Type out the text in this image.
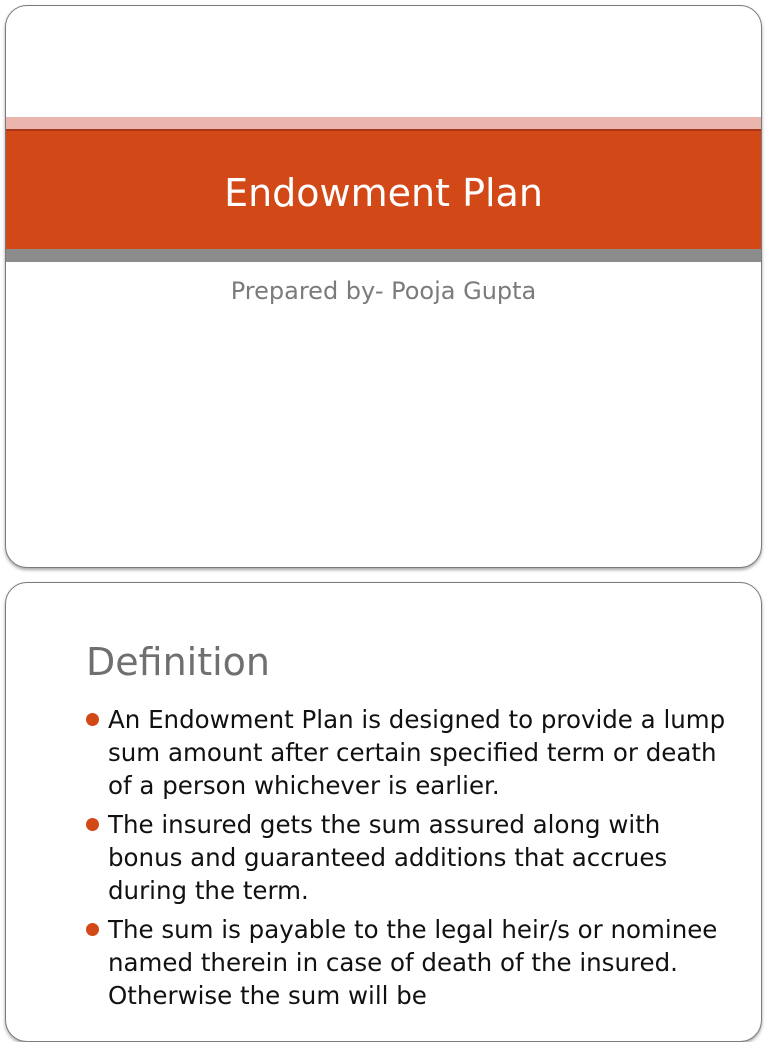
Endowment Plan
Prepared by- Pooja Gupta
Definition
An Endowment Plan is designed to provide a lump sum amount after certain specified term or death of a person whichever is earlier.
The insured gets the sum assured along with bonus and guaranteed additions that accrues during the term.
The sum is payable to the legal heir/s or nominee named therein in case of death of the insured. Otherwise the sum will be
